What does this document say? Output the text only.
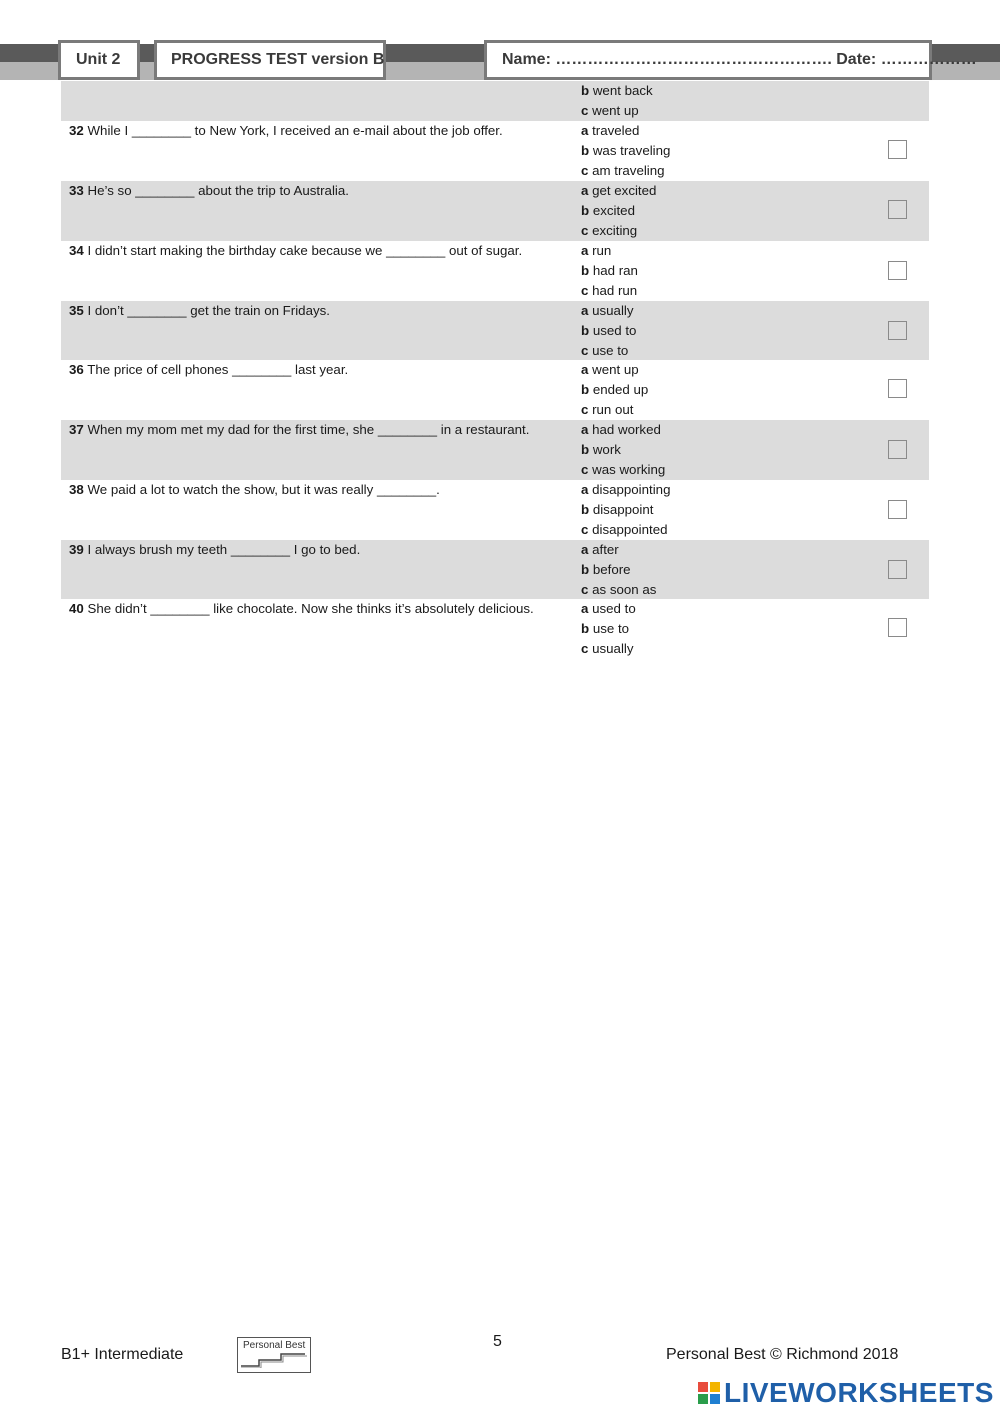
Unit 2	PROGRESS TEST version B	Name: ……………………………………………. Date: ………………
b went back
c went up
32 While I ________ to New York, I received an e-mail about the job offer.	a traveled
b was traveling
c am traveling
33 He’s so ________ about the trip to Australia.	a get excited
b excited
c exciting
34 I didn’t start making the birthday cake because we ________ out of sugar.	a run
b had ran
c had run
35 I don’t ________ get the train on Fridays.	a usually
b used to
c use to
36 The price of cell phones ________ last year.	a went up
b ended up
c run out
37 When my mom met my dad for the first time, she ________ in a restaurant.	a had worked
b work
c was working
38 We paid a lot to watch the show, but it was really ________.	a disappointing
b disappoint
c disappointed
39 I always brush my teeth ________ I go to bed.	a after
b before
c as soon as
40 She didn’t ________ like chocolate. Now she thinks it’s absolutely delicious.	a used to
b use to
c usually
B1+ Intermediate
Personal Best	5
Personal Best © Richmond 2018
LIVEWORKSHEETS
